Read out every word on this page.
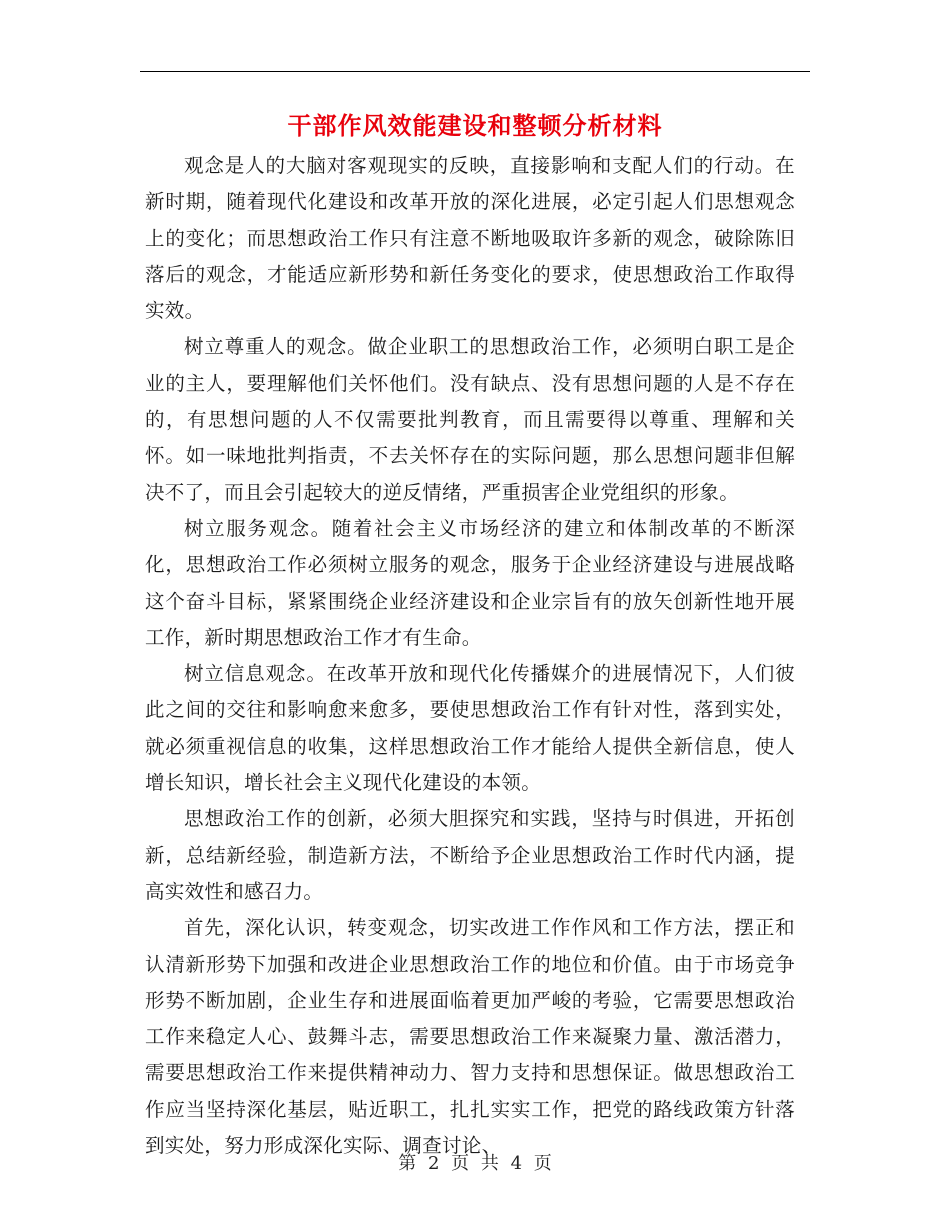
干部作风效能建设和整顿分析材料

观念是人的大脑对客观现实的反映，直接影响和支配人们的行动。在新时期，随着现代化建设和改革开放的深化进展，必定引起人们思想观念上的变化；而思想政治工作只有注意不断地吸取许多新的观念，破除陈旧落后的观念，才能适应新形势和新任务变化的要求，使思想政治工作取得实效。

树立尊重人的观念。做企业职工的思想政治工作，必须明白职工是企业的主人，要理解他们关怀他们。没有缺点、没有思想问题的人是不存在的，有思想问题的人不仅需要批判教育，而且需要得以尊重、理解和关怀。如一味地批判指责，不去关怀存在的实际问题，那么思想问题非但解决不了，而且会引起较大的逆反情绪，严重损害企业党组织的形象。

树立服务观念。随着社会主义市场经济的建立和体制改革的不断深化，思想政治工作必须树立服务的观念，服务于企业经济建设与进展战略这个奋斗目标，紧紧围绕企业经济建设和企业宗旨有的放矢创新性地开展工作，新时期思想政治工作才有生命。

树立信息观念。在改革开放和现代化传播媒介的进展情况下，人们彼此之间的交往和影响愈来愈多，要使思想政治工作有针对性，落到实处，就必须重视信息的收集，这样思想政治工作才能给人提供全新信息，使人增长知识，增长社会主义现代化建设的本领。

思想政治工作的创新，必须大胆探究和实践，坚持与时俱进，开拓创新，总结新经验，制造新方法，不断给予企业思想政治工作时代内涵，提高实效性和感召力。

首先，深化认识，转变观念，切实改进工作作风和工作方法，摆正和认清新形势下加强和改进企业思想政治工作的地位和价值。由于市场竞争形势不断加剧，企业生存和进展面临着更加严峻的考验，它需要思想政治工作来稳定人心、鼓舞斗志，需要思想政治工作来凝聚力量、激活潜力，需要思想政治工作来提供精神动力、智力支持和思想保证。做思想政治工作应当坚持深化基层，贴近职工，扎扎实实工作，把党的路线政策方针落到实处，努力形成深化实际、调查讨论、

第 2 页 共 4 页
